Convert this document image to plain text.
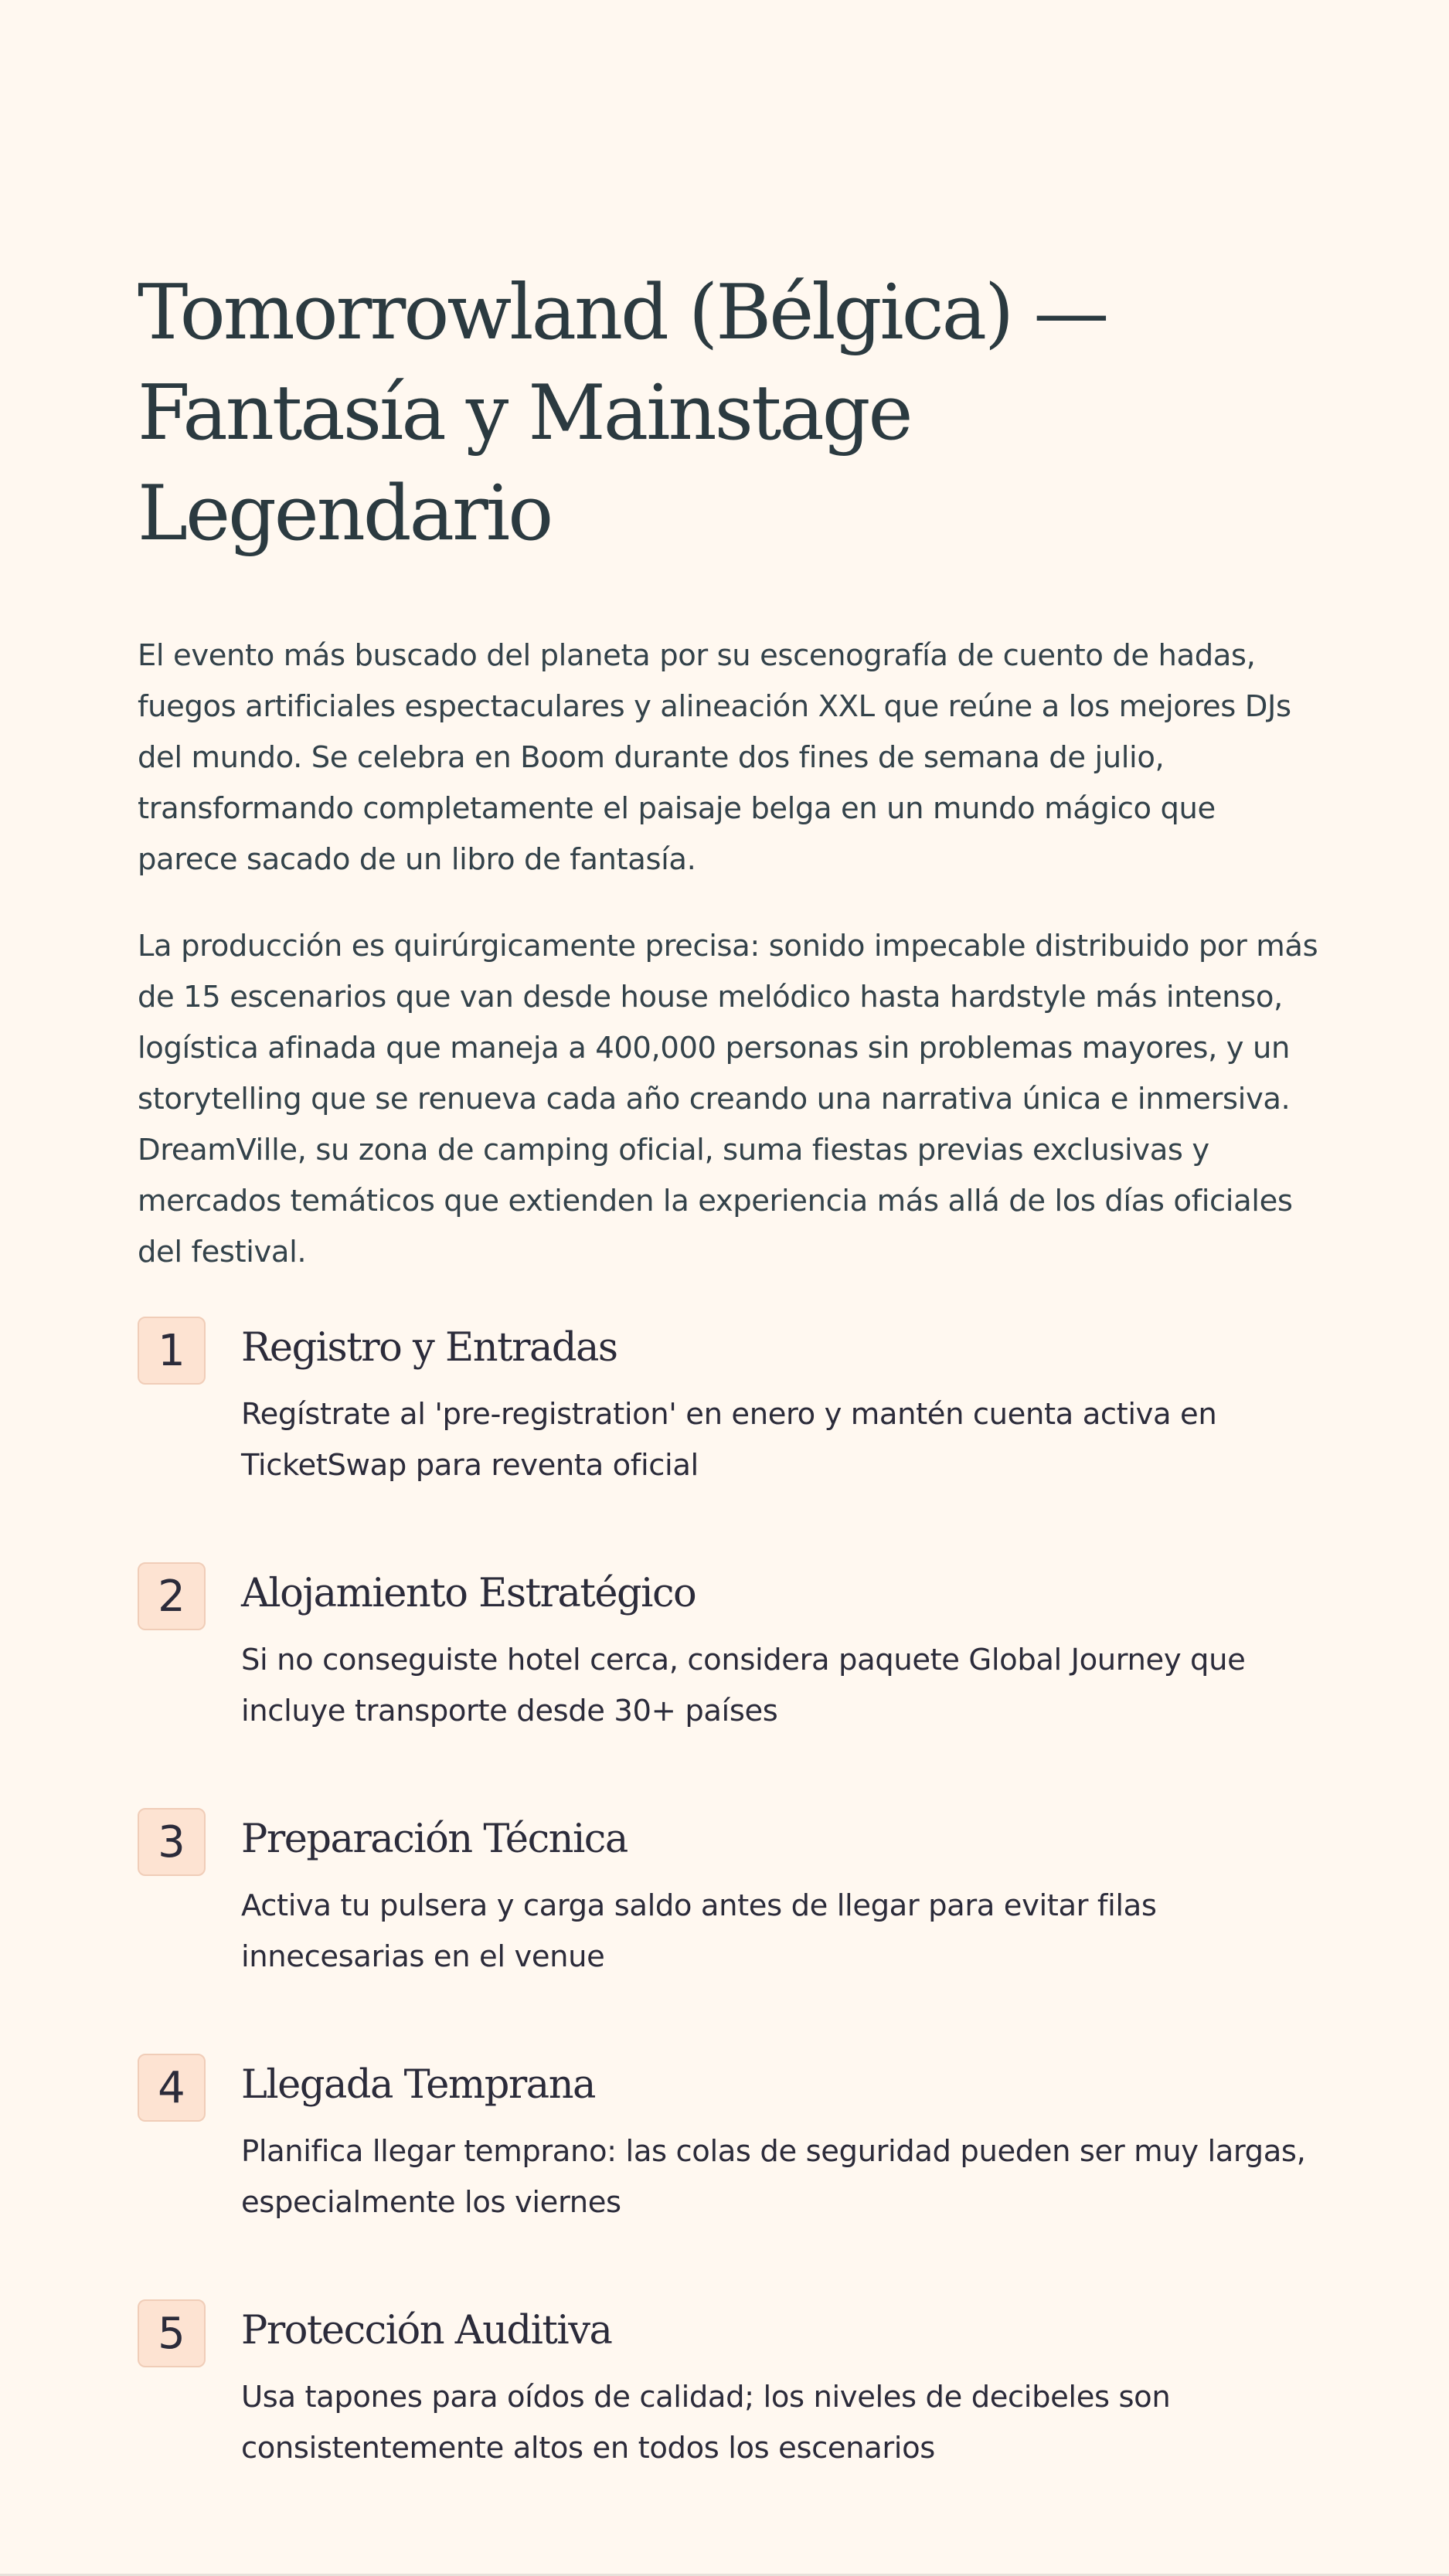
Tomorrowland (Bélgica) —
Fantasía y Mainstage Legendario

El evento más buscado del planeta por su escenografía de cuento de hadas, fuegos artificiales espectaculares y alineación XXL que reúne a los mejores DJs del mundo. Se celebra en Boom durante dos fines de semana de julio, transformando completamente el paisaje belga en un mundo mágico que parece sacado de un libro de fantasía.

La producción es quirúrgicamente precisa: sonido impecable distribuido por más de 15 escenarios que van desde house melódico hasta hardstyle más intenso, logística afinada que maneja a 400,000 personas sin problemas mayores, y un storytelling que se renueva cada año creando una narrativa única e inmersiva. DreamVille, su zona de camping oficial, suma fiestas previas exclusivas y mercados temáticos que extienden la experiencia más allá de los días oficiales del festival.

1	Registro y Entradas

Regístrate al 'pre-registration' en enero y mantén cuenta activa en TicketSwap para reventa oficial

2	Alojamiento Estratégico

Si no conseguiste hotel cerca, considera paquete Global Journey que incluye transporte desde 30+ países

3	Preparación Técnica

Activa tu pulsera y carga saldo antes de llegar para evitar filas innecesarias en el venue

4	Llegada Temprana

Planifica llegar temprano: las colas de seguridad pueden ser muy largas, especialmente los viernes

5	Protección Auditiva

Usa tapones para oídos de calidad; los niveles de decibeles son consistentemente altos en todos los escenarios
